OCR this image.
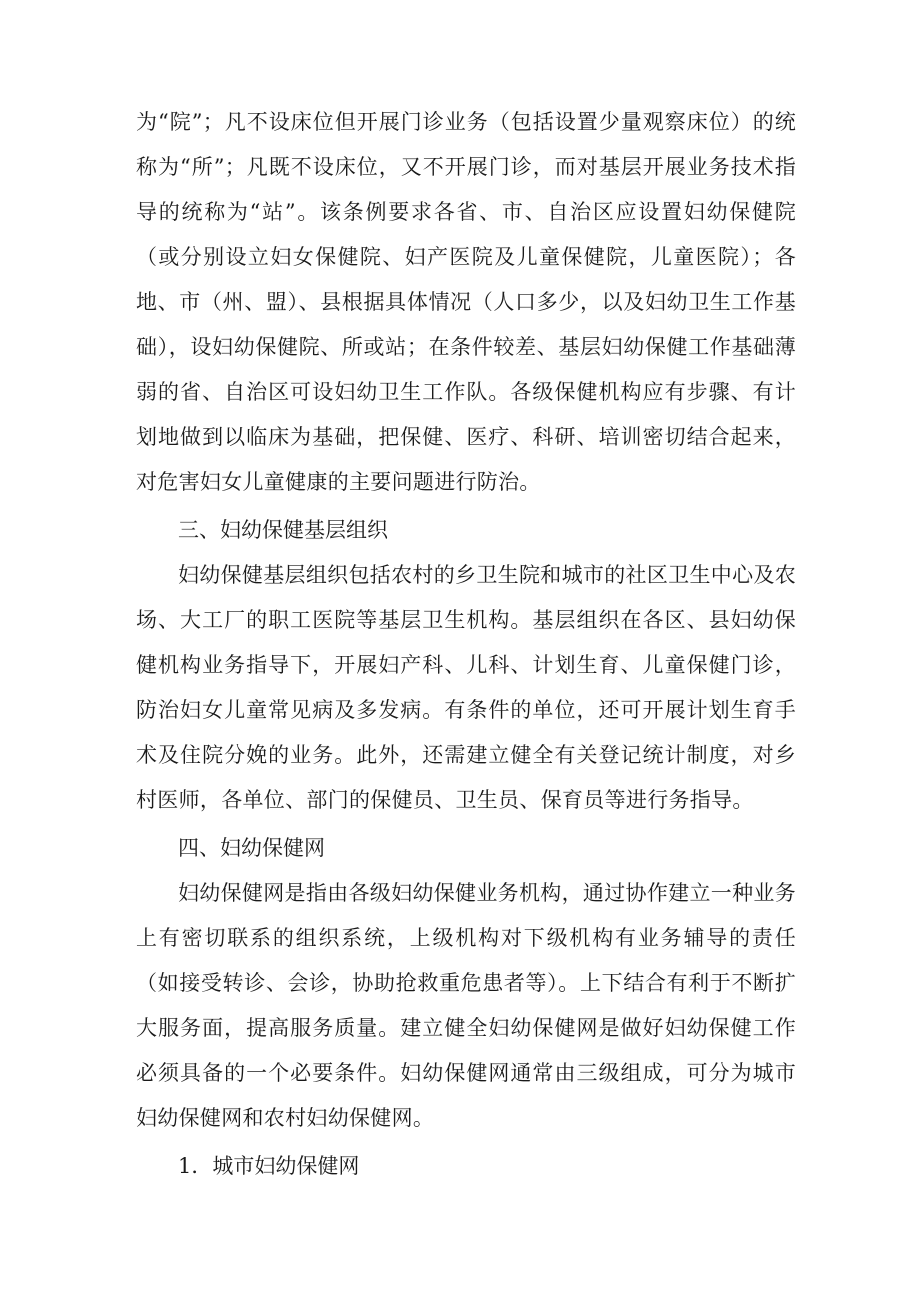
为“院”；凡不设床位但开展门诊业务（包括设置少量观察床位）的统称为“所”；凡既不设床位，又不开展门诊，而对基层开展业务技术指导的统称为“站”。该条例要求各省、市、自治区应设置妇幼保健院（或分别设立妇女保健院、妇产医院及儿童保健院，儿童医院）；各地、市（州、盟）、县根据具体情况（人口多少，以及妇幼卫生工作基础），设妇幼保健院、所或站；在条件较差、基层妇幼保健工作基础薄弱的省、自治区可设妇幼卫生工作队。各级保健机构应有步骤、有计划地做到以临床为基础，把保健、医疗、科研、培训密切结合起来，对危害妇女儿童健康的主要问题进行防治。

三、妇幼保健基层组织

妇幼保健基层组织包括农村的乡卫生院和城市的社区卫生中心及农场、大工厂的职工医院等基层卫生机构。基层组织在各区、县妇幼保健机构业务指导下，开展妇产科、儿科、计划生育、儿童保健门诊，防治妇女儿童常见病及多发病。有条件的单位，还可开展计划生育手术及住院分娩的业务。此外，还需建立健全有关登记统计制度，对乡村医师，各单位、部门的保健员、卫生员、保育员等进行务指导。

四、妇幼保健网

妇幼保健网是指由各级妇幼保健业务机构，通过协作建立一种业务上有密切联系的组织系统，上级机构对下级机构有业务辅导的责任（如接受转诊、会诊，协助抢救重危患者等）。上下结合有利于不断扩大服务面，提高服务质量。建立健全妇幼保健网是做好妇幼保健工作必须具备的一个必要条件。妇幼保健网通常由三级组成，可分为城市妇幼保健网和农村妇幼保健网。

1．城市妇幼保健网
